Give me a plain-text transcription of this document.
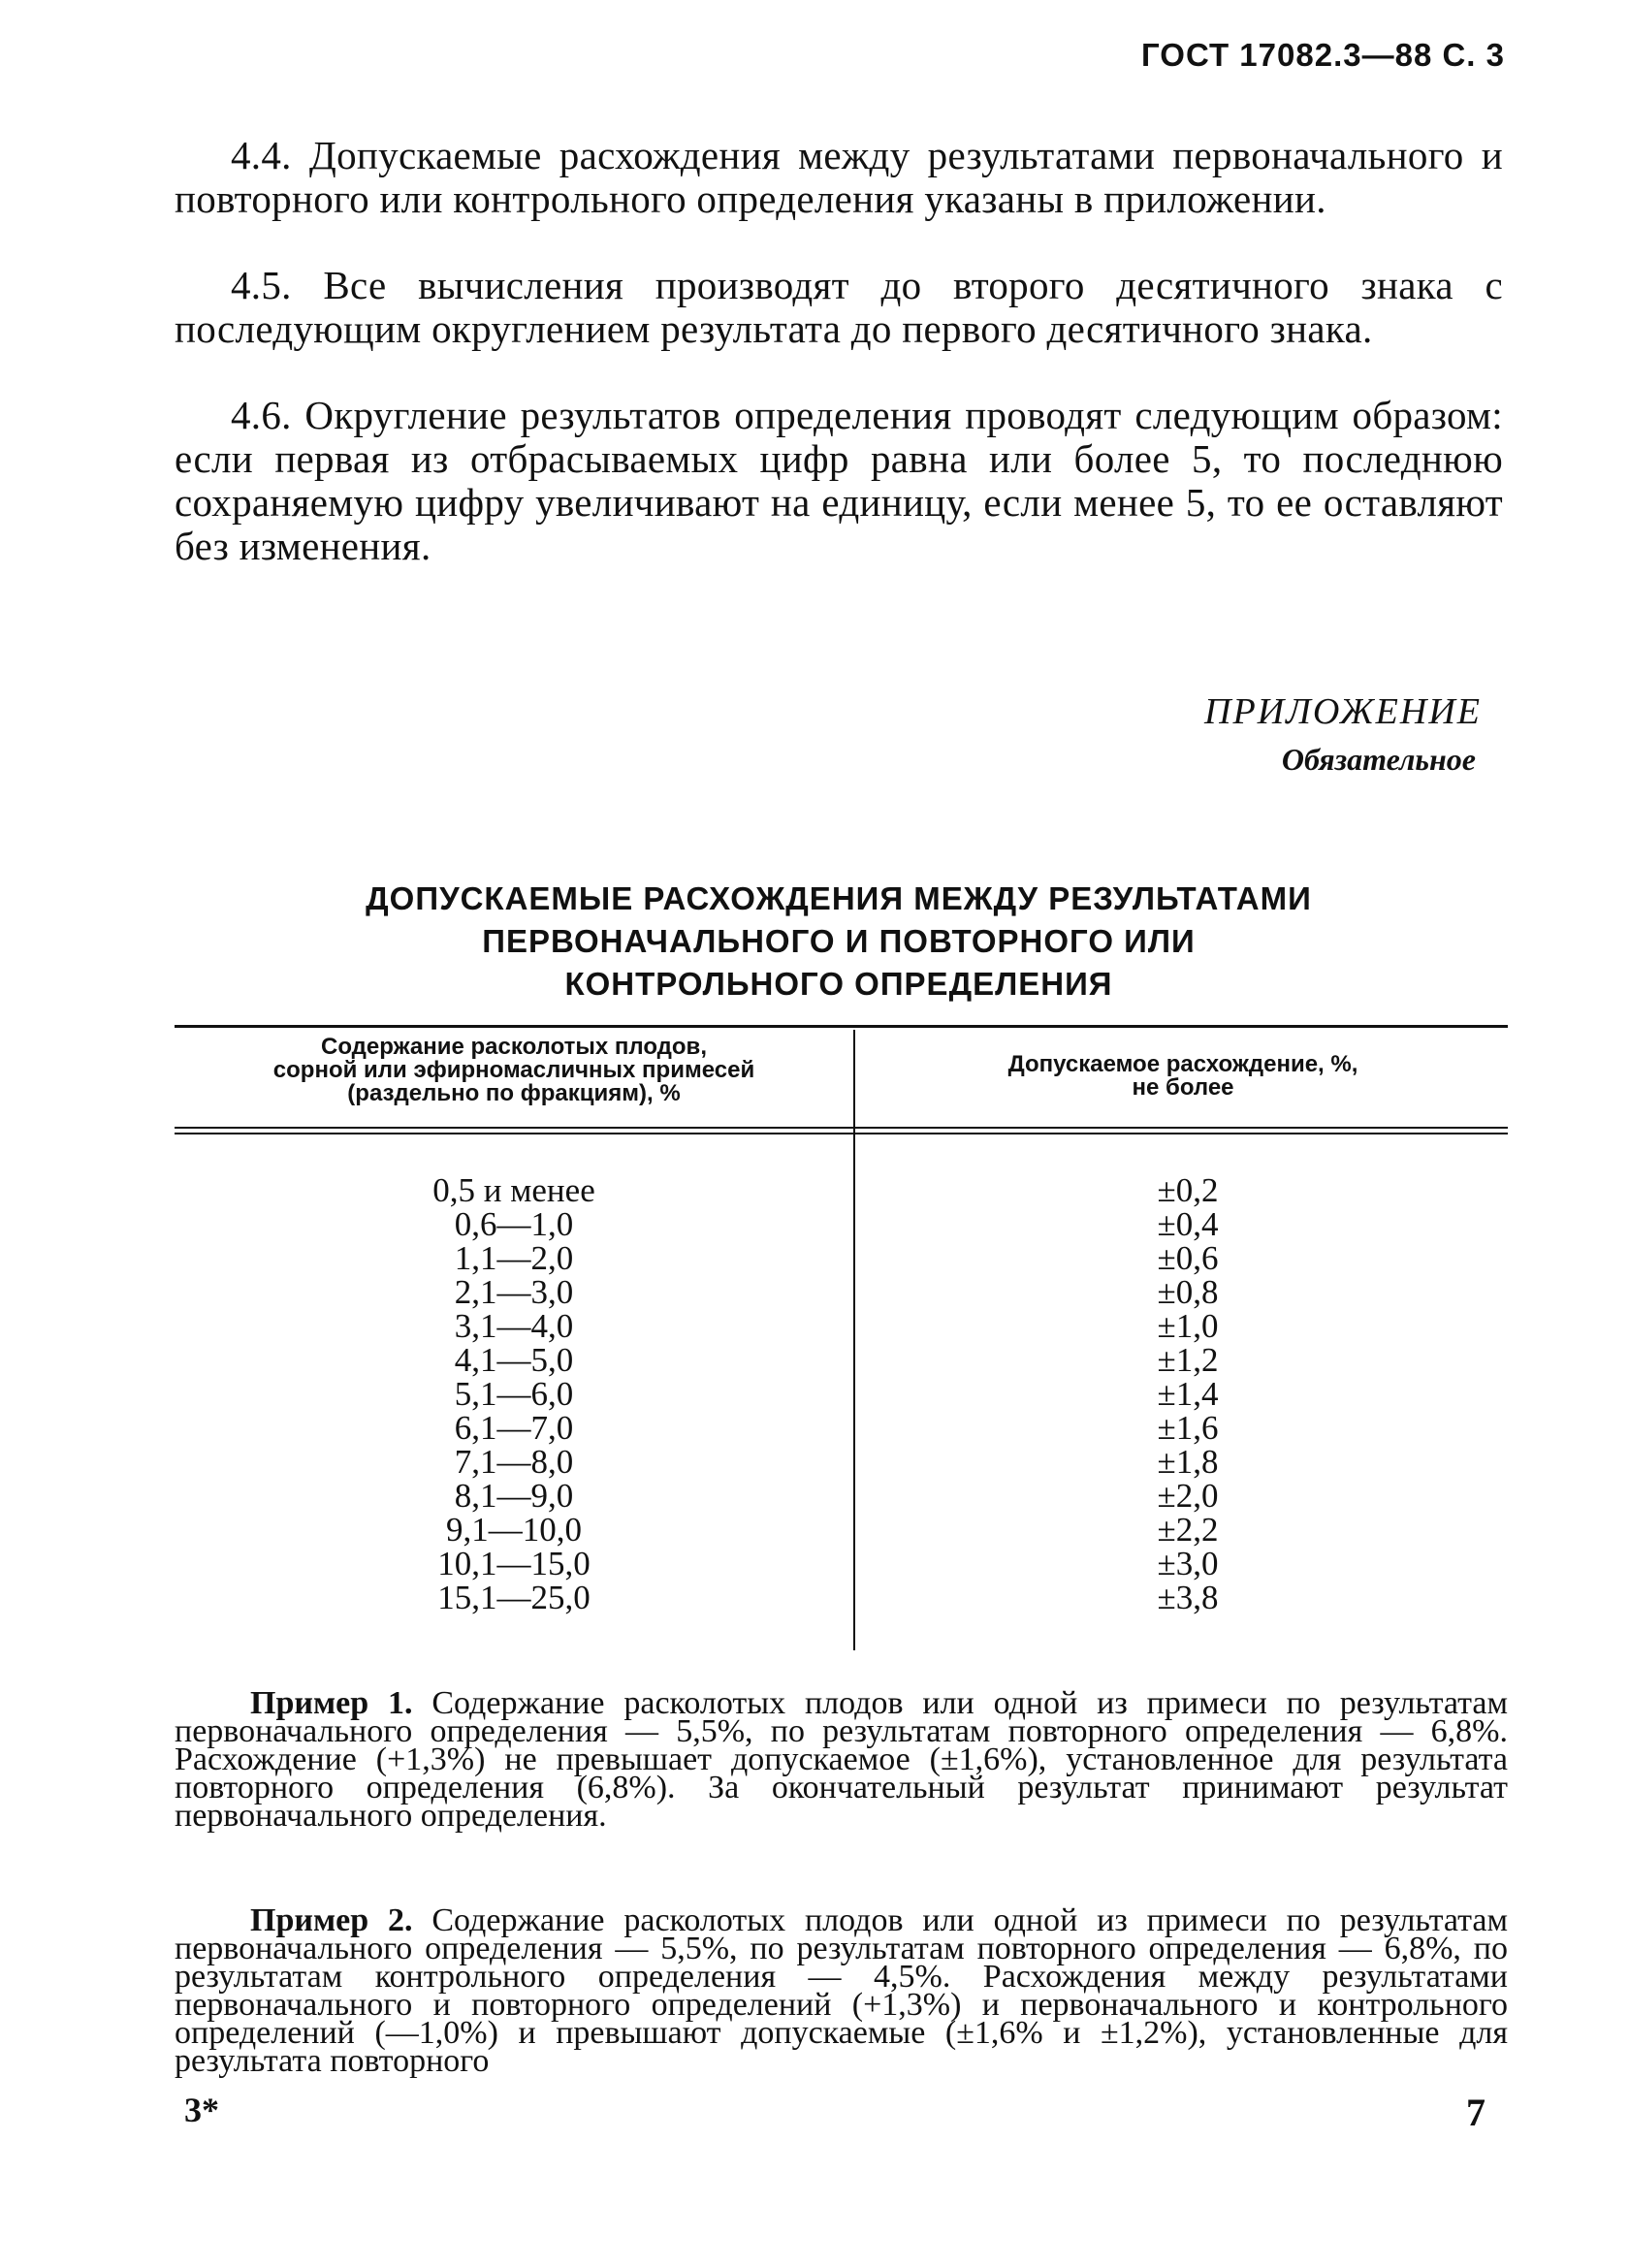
ГОСТ 17082.3—88 С. 3
4.4. Допускаемые расхождения между результатами первоначального и повторного или контрольного определения указаны в приложении.
4.5. Все вычисления производят до второго десятичного знака с последующим округлением результата до первого десятичного знака.
4.6. Округление результатов определения проводят следующим образом: если первая из отбрасываемых цифр равна или более 5, то последнюю сохраняемую цифру увеличивают на единицу, если менее 5, то ее оставляют без изменения.
ПРИЛОЖЕНИЕ
Обязательное
ДОПУСКАЕМЫЕ РАСХОЖДЕНИЯ МЕЖДУ РЕЗУЛЬТАТАМИ
ПЕРВОНАЧАЛЬНОГО И ПОВТОРНОГО ИЛИ
КОНТРОЛЬНОГО ОПРЕДЕЛЕНИЯ
Содержание расколотых плодов,
сорной или эфирномасличных примесей
(раздельно по фракциям), %
Допускаемое расхождение, %,
не более
0,5 и менее
0,6—1,0
1,1—2,0
2,1—3,0
3,1—4,0
4,1—5,0
5,1—6,0
6,1—7,0
7,1—8,0
8,1—9,0
9,1—10,0
10,1—15,0
15,1—25,0
±0,2
±0,4
±0,6
±0,8
±1,0
±1,2
±1,4
±1,6
±1,8
±2,0
±2,2
±3,0
±3,8
Пример 1. Содержание расколотых плодов или одной из примеси по результатам первоначального определения — 5,5%, по результатам повторного определения — 6,8%. Расхождение (+1,3%) не превышает допускаемое (±1,6%), установленное для результата повторного определения (6,8%). За окончательный результат принимают результат первоначального определения.
Пример 2. Содержание расколотых плодов или одной из примеси по результатам первоначального определения — 5,5%, по результатам повторного определения — 6,8%, по результатам контрольного определения — 4,5%. Расхождения между результатами первоначального и повторного определений (+1,3%) и первоначального и контрольного определений (—1,0%) и превышают допускаемые (±1,6% и ±1,2%), установленные для результата повторного
3*	7
